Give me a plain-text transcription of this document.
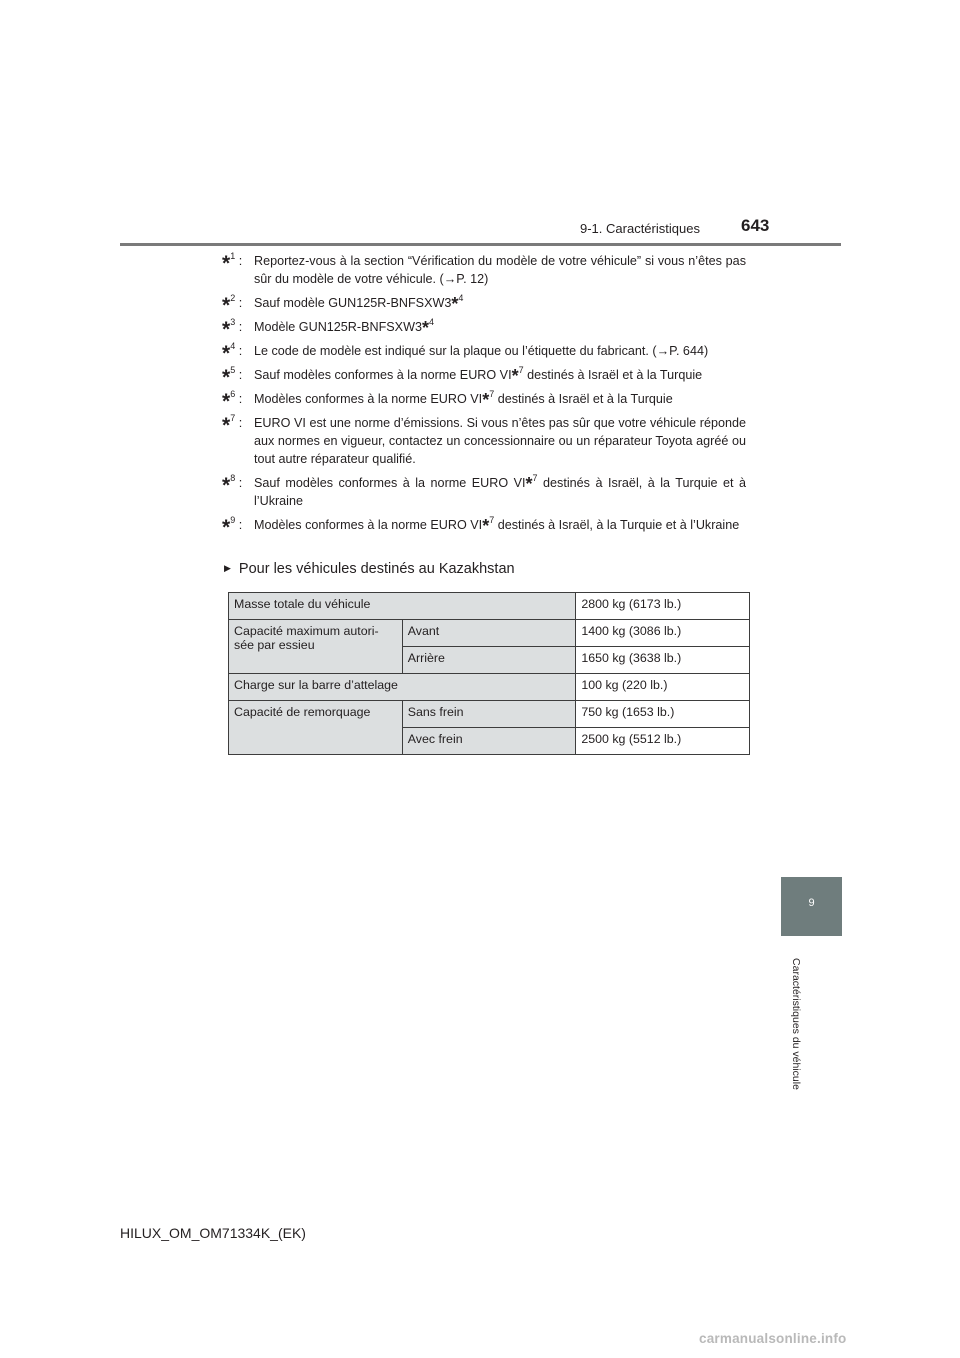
9-1. Caractéristiques 643
*$^1$ : Reportez-vous à la section “Vérification du modèle de votre véhicule” si vous n’êtes pas sûr du modèle de votre véhicule. (→P. 12)
*$^2$ : Sauf modèle GUN125R-BNFSXW3*$^4$
*$^3$ : Modèle GUN125R-BNFSXW3*$^4$
*$^4$ : Le code de modèle est indiqué sur la plaque ou l’étiquette du fabricant. (→P. 644)
*$^5$ : Sauf modèles conformes à la norme EURO VI*$^7$ destinés à Israël et à la Turquie
*$^6$ : Modèles conformes à la norme EURO VI*$^7$ destinés à Israël et à la Turquie
*$^7$ : EURO VI est une norme d’émissions. Si vous n’êtes pas sûr que votre véhicule réponde aux normes en vigueur, contactez un concessionnaire ou un réparateur Toyota agréé ou tout autre réparateur qualifié.
*$^8$ : Sauf modèles conformes à la norme EURO VI*$^7$ destinés à Israël, à la Turquie et à l’Ukraine
*$^9$ : Modèles conformes à la norme EURO VI*$^7$ destinés à Israël, à la Turquie et à l’Ukraine
▶ Pour les véhicules destinés au Kazakhstan
Masse totale du véhicule		2800 kg (6173 lb.)
Capacité maximum autori-sée par essieu	Avant	1400 kg (3086 lb.)
	Arrière	1650 kg (3638 lb.)
Charge sur la barre d’attelage		100 kg (220 lb.)
Capacité de remorquage	Sans frein	750 kg (1653 lb.)
	Avec frein	2500 kg (5512 lb.)
9
Caractéristiques du véhicule
HILUX_OM_OM71334K_(EK)
carmanualsonline.info
